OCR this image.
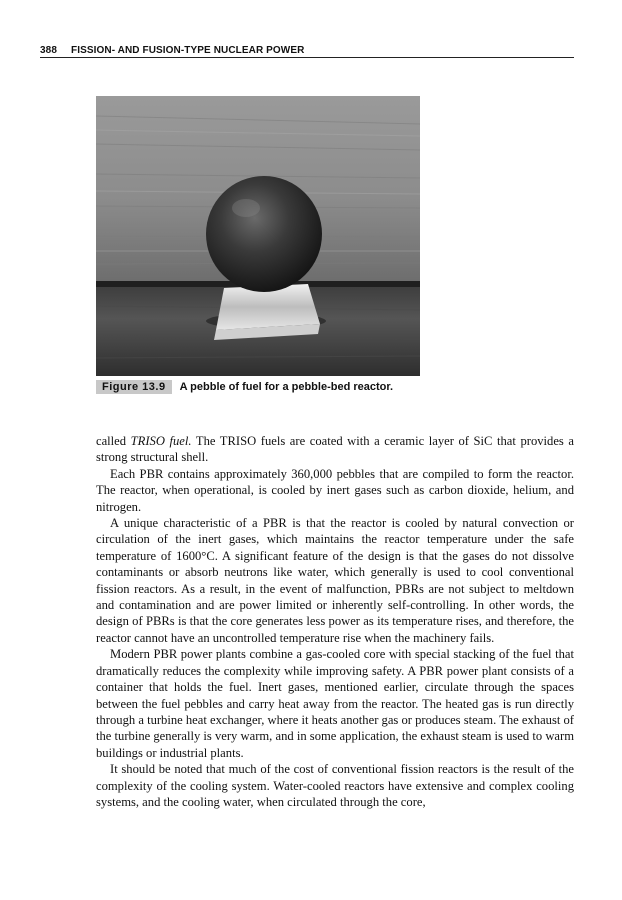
388 FISSION- AND FUSION-TYPE NUCLEAR POWER
Figure 13.9 A pebble of fuel for a pebble-bed reactor.

called TRISO fuel. The TRISO fuels are coated with a ceramic layer of SiC that provides a strong structural shell.

Each PBR contains approximately 360,000 pebbles that are compiled to form the reactor. The reactor, when operational, is cooled by inert gases such as carbon dioxide, helium, and nitrogen.

A unique characteristic of a PBR is that the reactor is cooled by natural convection or circulation of the inert gases, which maintains the reactor temperature under the safe temperature of 1600°C. A significant feature of the design is that the gases do not dissolve contaminants or absorb neutrons like water, which generally is used to cool conventional fission reactors. As a result, in the event of malfunction, PBRs are not subject to meltdown and contamination and are power limited or inherently self-controlling. In other words, the design of PBRs is that the core generates less power as its temperature rises, and therefore, the reactor cannot have an uncontrolled temperature rise when the machinery fails.

Modern PBR power plants combine a gas-cooled core with special stacking of the fuel that dramatically reduces the complexity while improving safety. A PBR power plant consists of a container that holds the fuel. Inert gases, mentioned earlier, circulate through the spaces between the fuel pebbles and carry heat away from the reactor. The heated gas is run directly through a turbine heat exchanger, where it heats another gas or produces steam. The exhaust of the turbine generally is very warm, and in some application, the exhaust steam is used to warm buildings or industrial plants.

It should be noted that much of the cost of conventional fission reactors is the result of the complexity of the cooling system. Water-cooled reactors have extensive and complex cooling systems, and the cooling water, when circulated through the core,
